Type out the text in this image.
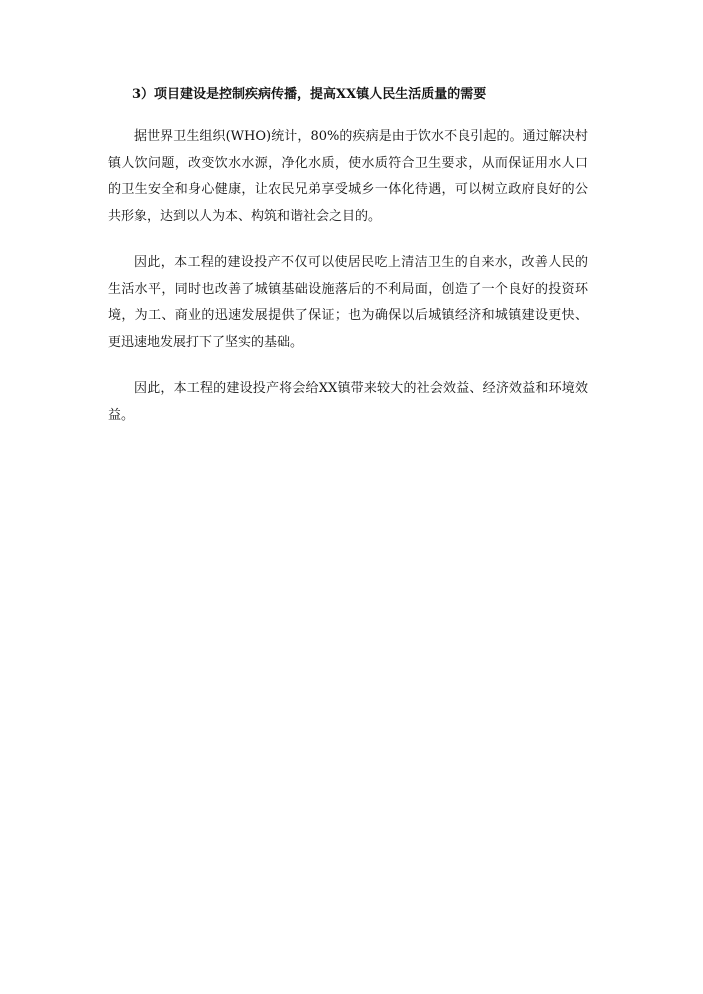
3）项目建设是控制疾病传播，提高XX镇人民生活质量的需要

据世界卫生组织(WHO)统计，80%的疾病是由于饮水不良引起的。通过解决村镇人饮问题，改变饮水水源，净化水质，使水质符合卫生要求，从而保证用水人口的卫生安全和身心健康，让农民兄弟享受城乡一体化待遇，可以树立政府良好的公共形象，达到以人为本、构筑和谐社会之目的。

因此，本工程的建设投产不仅可以使居民吃上清洁卫生的自来水，改善人民的生活水平，同时也改善了城镇基础设施落后的不利局面，创造了一个良好的投资环境，为工、商业的迅速发展提供了保证；也为确保以后城镇经济和城镇建设更快、更迅速地发展打下了坚实的基础。

因此，本工程的建设投产将会给XX镇带来较大的社会效益、经济效益和环境效益。
